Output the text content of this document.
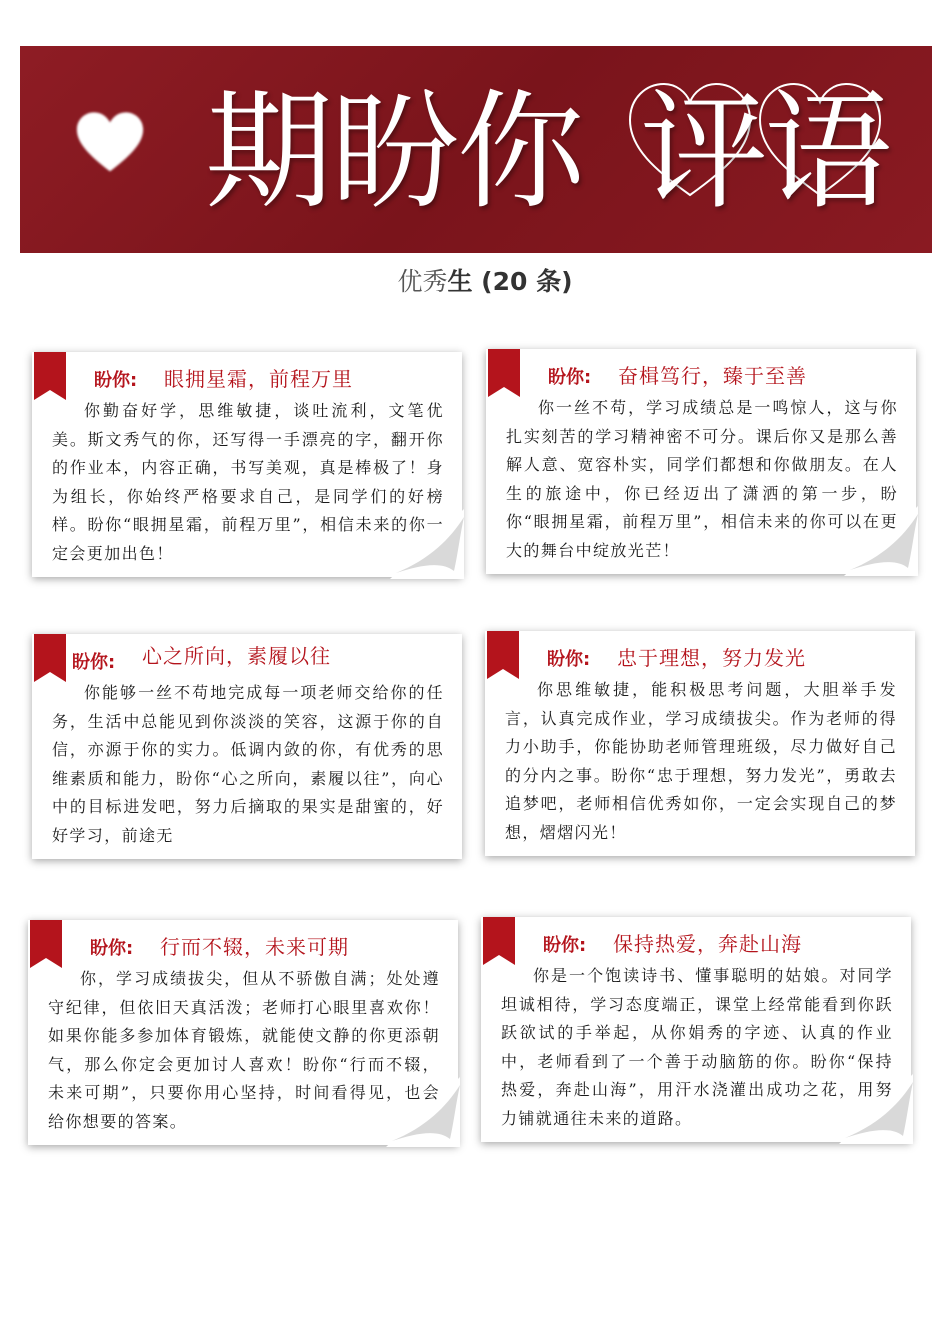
期盼你 评语
优秀生 (20 条)
盼你: 眼拥星霜，前程万里
你勤奋好学，思维敏捷，谈吐流利，文笔优美。斯文秀气的你，还写得一手漂亮的字，翻开你的作业本，内容正确，书写美观，真是棒极了！身为组长，你始终严格要求自己，是同学们的好榜样。盼你“眼拥星霜，前程万里”，相信未来的你一定会更加出色！
盼你: 奋楫笃行，臻于至善
你一丝不苟，学习成绩总是一鸣惊人，这与你扎实刻苦的学习精神密不可分。课后你又是那么善解人意、宽容朴实，同学们都想和你做朋友。在人生的旅途中，你已经迈出了潇洒的第一步，盼你“眼拥星霜，前程万里”，相信未来的你可以在更大的舞台中绽放光芒！
盼你: 心之所向，素履以往
你能够一丝不苟地完成每一项老师交给你的任务，生活中总能见到你淡淡的笑容，这源于你的自信，亦源于你的实力。低调内敛的你，有优秀的思维素质和能力，盼你“心之所向，素履以往”，向心中的目标进发吧，努力后摘取的果实是甜蜜的，好好学习，前途无
盼你: 忠于理想，努力发光
你思维敏捷，能积极思考问题，大胆举手发言，认真完成作业，学习成绩拔尖。作为老师的得力小助手，你能协助老师管理班级，尽力做好自己的分内之事。盼你“忠于理想，努力发光”，勇敢去追梦吧，老师相信优秀如你，一定会实现自己的梦想，熠熠闪光！
盼你: 行而不辍，未来可期
你，学习成绩拔尖，但从不骄傲自满；处处遵守纪律，但依旧天真活泼；老师打心眼里喜欢你！如果你能多参加体育锻炼，就能使文静的你更添朝气，那么你定会更加讨人喜欢！盼你“行而不辍，未来可期”，只要你用心坚持，时间看得见，也会给你想要的答案。
盼你: 保持热爱，奔赴山海
你是一个饱读诗书、懂事聪明的姑娘。对同学坦诚相待，学习态度端正，课堂上经常能看到你跃跃欲试的手举起，从你娟秀的字迹、认真的作业中，老师看到了一个善于动脑筋的你。盼你“保持热爱，奔赴山海”，用汗水浇灌出成功之花，用努力铺就通往未来的道路。
